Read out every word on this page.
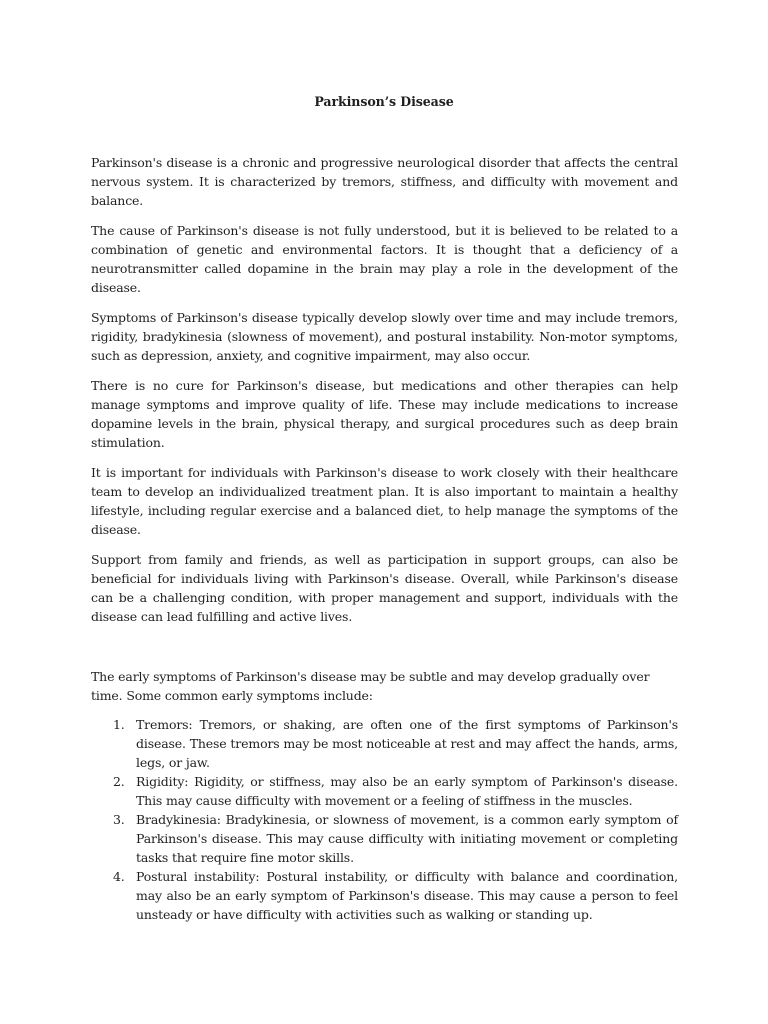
Parkinson’s Disease

Parkinson's disease is a chronic and progressive neurological disorder that affects the central nervous system. It is characterized by tremors, stiffness, and difficulty with movement and balance.

The cause of Parkinson's disease is not fully understood, but it is believed to be related to a combination of genetic and environmental factors. It is thought that a deficiency of a neurotransmitter called dopamine in the brain may play a role in the development of the disease.

Symptoms of Parkinson's disease typically develop slowly over time and may include tremors, rigidity, bradykinesia (slowness of movement), and postural instability. Non-motor symptoms, such as depression, anxiety, and cognitive impairment, may also occur.

There is no cure for Parkinson's disease, but medications and other therapies can help manage symptoms and improve quality of life. These may include medications to increase dopamine levels in the brain, physical therapy, and surgical procedures such as deep brain stimulation.

It is important for individuals with Parkinson's disease to work closely with their healthcare team to develop an individualized treatment plan. It is also important to maintain a healthy lifestyle, including regular exercise and a balanced diet, to help manage the symptoms of the disease.

Support from family and friends, as well as participation in support groups, can also be beneficial for individuals living with Parkinson's disease. Overall, while Parkinson's disease can be a challenging condition, with proper management and support, individuals with the disease can lead fulfilling and active lives.

The early symptoms of Parkinson's disease may be subtle and may develop gradually over time. Some common early symptoms include:

1. Tremors: Tremors, or shaking, are often one of the first symptoms of Parkinson's disease. These tremors may be most noticeable at rest and may affect the hands, arms, legs, or jaw.
2. Rigidity: Rigidity, or stiffness, may also be an early symptom of Parkinson's disease. This may cause difficulty with movement or a feeling of stiffness in the muscles.
3. Bradykinesia: Bradykinesia, or slowness of movement, is a common early symptom of Parkinson's disease. This may cause difficulty with initiating movement or completing tasks that require fine motor skills.
4. Postural instability: Postural instability, or difficulty with balance and coordination, may also be an early symptom of Parkinson's disease. This may cause a person to feel unsteady or have difficulty with activities such as walking or standing up.
